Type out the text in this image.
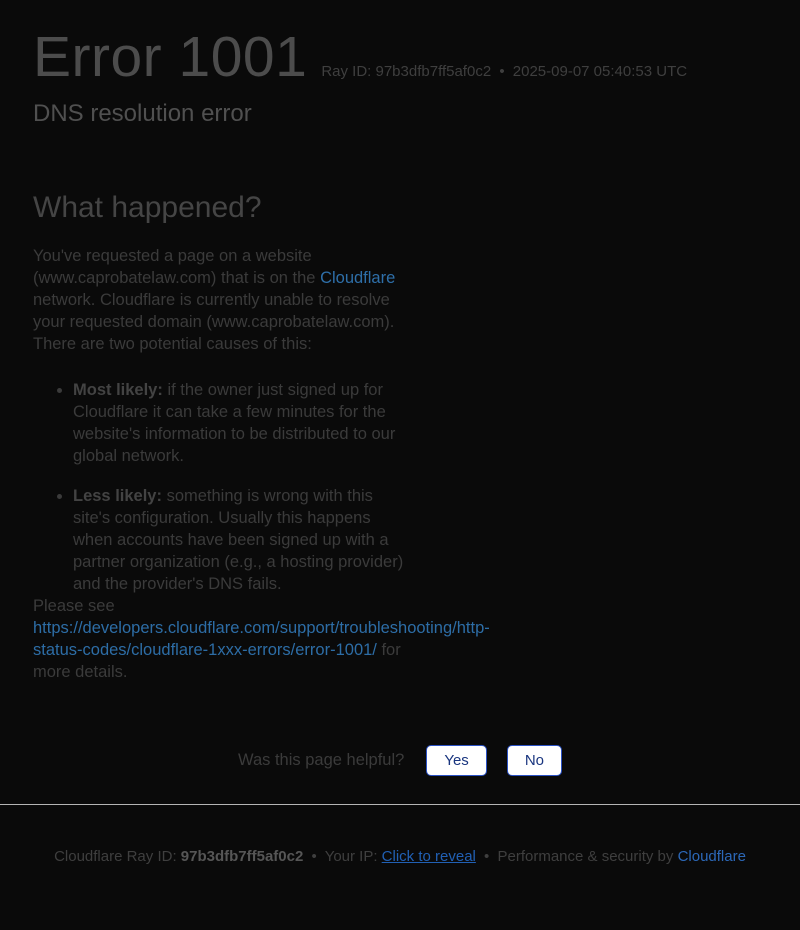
Error 1001 Ray ID: 97b3dfb7ff5af0c2 • 2025-09-07 05:40:53 UTC
DNS resolution error
What happened?

You've requested a page on a website (www.caprobatelaw.com) that is on the Cloudflare network. Cloudflare is currently unable to resolve your requested domain (www.caprobatelaw.com). There are two potential causes of this:

• Most likely: if the owner just signed up for Cloudflare it can take a few minutes for the website's information to be distributed to our global network.
• Less likely: something is wrong with this site's configuration. Usually this happens when accounts have been signed up with a partner organization (e.g., a hosting provider) and the provider's DNS fails.

Please see https://developers.cloudflare.com/support/troubleshooting/http-status-codes/cloudflare-1xxx-errors/error-1001/ for more details.

Was this page helpful?	Yes	No
Cloudflare Ray ID: 97b3dfb7ff5af0c2 • Your IP: Click to reveal • Performance & security by Cloudflare
